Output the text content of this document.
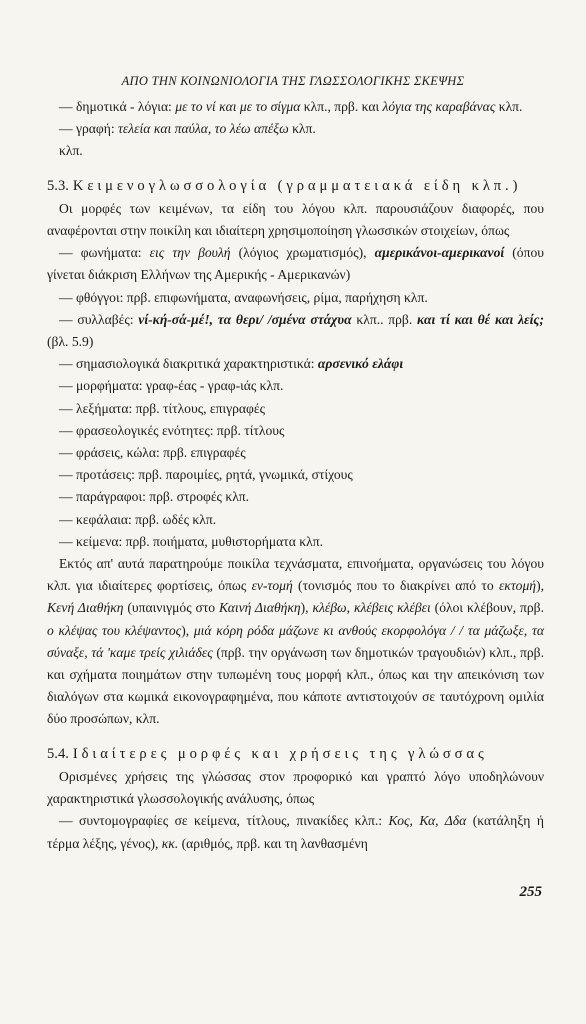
ΑΠΟ ΤΗΝ ΚΟΙΝΩΝΙΟΛΟΓΙΑ ΤΗΣ ΓΛΩΣΣΟΛΟΓΙΚΗΣ ΣΚΕΨΗΣ

— δημοτικά - λόγια: με το νί και με το σίγμα κλπ., πρβ. και λόγια της καραβάνας κλπ.

— γραφή: τελεία και παύλα, το λέω απέξω κλπ.

κλπ.

5.3. Κειμενογλωσσολογία (γραμματειακά είδη κλπ.)

Οι μορφές των κειμένων, τα είδη του λόγου κλπ. παρουσιάζουν διαφορές, που αναφέρονται στην ποικίλη και ιδιαίτερη χρησιμοποίηση γλωσσικών στοιχείων, όπως

— φωνήματα: εις την βουλή (λόγιος χρωματισμός), αμερικάνοι-αμερικανοί (όπου γίνεται διάκριση Ελλήνων της Αμερικής - Αμερικανών)

— φθόγγοι: πρβ. επιφωνήματα, αναφωνήσεις, ρίμα, παρήχηση κλπ.

— συλλαβές: νί-κή-σά-μέ!, τα θερι/ /σμένα στάχυα κλπ.. πρβ. και τί και θέ και λείς; (βλ. 5.9)

— σημασιολογικά διακριτικά χαρακτηριστικά: αρσενικό ελάφι

— μορφήματα: γραφ-έας - γραφ-ιάς κλπ.

— λεξήματα: πρβ. τίτλους, επιγραφές

— φρασεολογικές ενότητες: πρβ. τίτλους

— φράσεις, κώλα: πρβ. επιγραφές

— προτάσεις: πρβ. παροιμίες, ρητά, γνωμικά, στίχους

— παράγραφοι: πρβ. στροφές κλπ.

— κεφάλαια: πρβ. ωδές κλπ.

— κείμενα: πρβ. ποιήματα, μυθιστορήματα κλπ.

Εκτός απ' αυτά παρατηρούμε ποικίλα τεχνάσματα, επινοήματα, οργανώσεις του λόγου κλπ. για ιδιαίτερες φορτίσεις, όπως εν-τομή (τονισμός που το διακρίνει από το εκτομή), Κενή Διαθήκη (υπαινιγμός στο Καινή Διαθήκη), κλέβω, κλέβεις κλέβει (όλοι κλέβουν, πρβ. ο κλέψας του κλέψαντος), μιά κόρη ρόδα μάζωνε κι ανθούς εκορφολόγα / / τα μάζωξε, τα σύναξε, τά 'καμε τρείς χιλιάδες (πρβ. την οργάνωση των δημοτικών τραγουδιών) κλπ., πρβ. και σχήματα ποιημάτων στην τυπωμένη τους μορφή κλπ., όπως και την απεικόνιση των διαλόγων στα κωμικά εικονογραφημένα, που κάποτε αντιστοιχούν σε ταυτόχρονη ομιλία δύο προσώπων, κλπ.

5.4. Ιδιαίτερες μορφές και χρήσεις της γλώσσας

Ορισμένες χρήσεις της γλώσσας στον προφορικό και γραπτό λόγο υποδηλώνουν χαρακτηριστικά γλωσσολογικής ανάλυσης, όπως

— συντομογραφίες σε κείμενα, τίτλους, πινακίδες κλπ.: Κος, Κα, Δδα (κατάληξη ή τέρμα λέξης, γένος), κκ. (αριθμός, πρβ. και τη λανθασμένη

255
